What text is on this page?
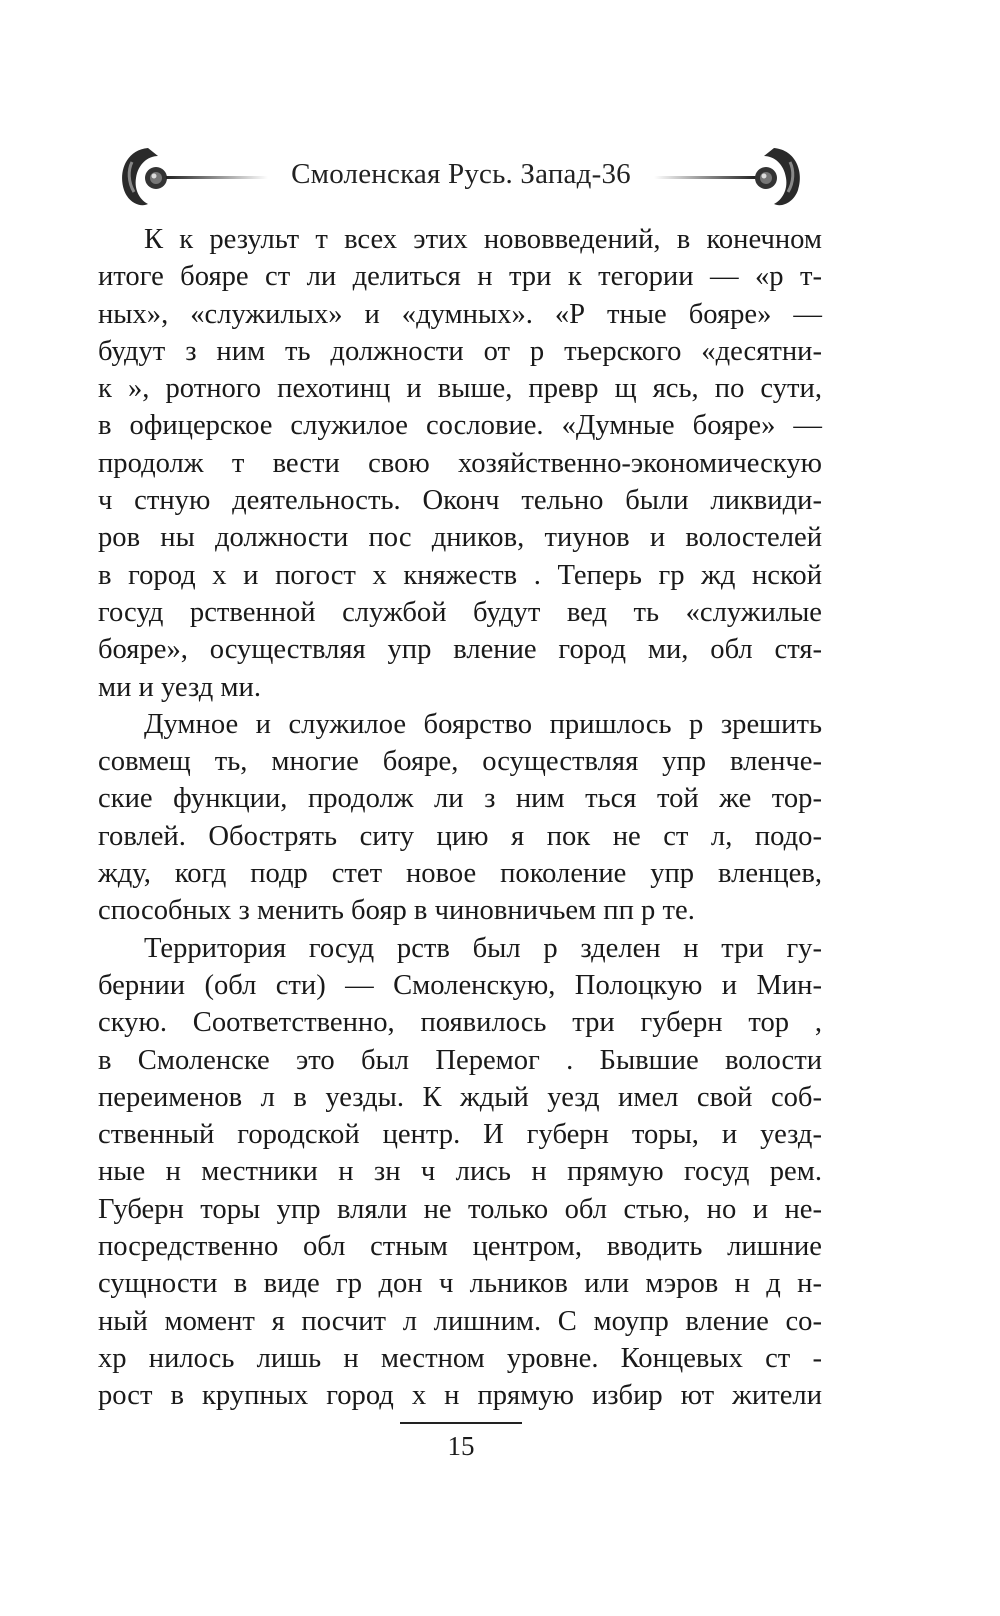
Смоленская Русь. Запад-36
К к результ т всех этих нововведений, в конечном
итоге бояре ст ли делиться н три к тегории — «р т-
ных», «служилых» и «думных». «Р тные бояре» —
будут з ним ть должности от р тьерского «десятни-
к », ротного пехотинц и выше, превр щ ясь, по сути,
в офицерское служилое сословие. «Думные бояре» —
продолж т вести свою хозяйственно-экономическую
ч стную деятельность. Оконч тельно были ликвиди-
ров ны должности пос дников, тиунов и волостелей
в город х и погост х княжеств . Теперь гр жд нской
госуд рственной службой будут вед ть «служилые
бояре», осуществляя упр вление город ми, обл стя-
ми и уезд ми.
Думное и служилое боярство пришлось р зрешить
совмещ ть, многие бояре, осуществляя упр вленче-
ские функции, продолж ли з ним ться той же тор-
говлей. Обострять ситу цию я пок не ст л, подо-
жду, когд подр стет новое поколение упр вленцев,
способных з менить бояр в чиновничьем пп р те.
Территория госуд рств был р зделен н три гу-
бернии (обл сти) — Смоленскую, Полоцкую и Мин-
скую. Соответственно, появилось три губерн тор ,
в Смоленске это был Перемог . Бывшие волости
переименов л в уезды. К ждый уезд имел свой соб-
ственный городской центр. И губерн торы, и уезд-
ные н местники н зн ч лись н прямую госуд рем.
Губерн торы упр вляли не только обл стью, но и не-
посредственно обл стным центром, вводить лишние
сущности в виде гр дон ч льников или мэров н д н-
ный момент я посчит л лишним. С моупр вление со-
хр нилось лишь н местном уровне. Концевых ст -
рост в крупных город х н прямую избир ют жители
15
